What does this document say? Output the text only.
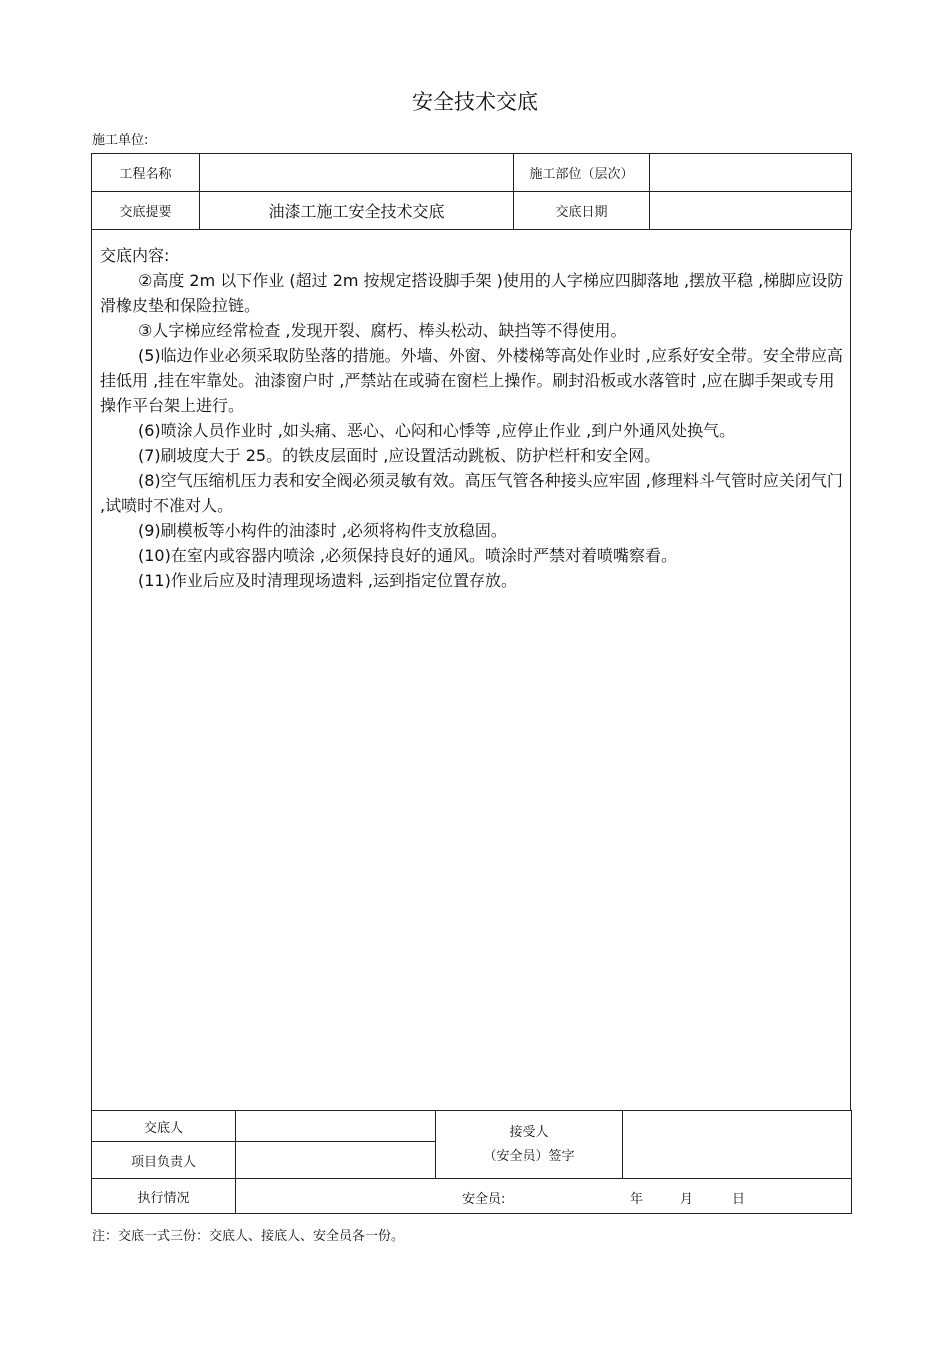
安全技术交底
施工单位:
工程名称		施工部位（层次）	
交底提要	油漆工施工安全技术交底	交底日期	
交底内容:

②高度 2m 以下作业 (超过 2m 按规定搭设脚手架 )使用的人字梯应四脚落地 ,摆放平稳 ,梯脚应设防滑橡皮垫和保险拉链。

③人字梯应经常检查 ,发现开裂、腐朽、棒头松动、缺挡等不得使用。

(5)临边作业必须采取防坠落的措施。外墙、外窗、外楼梯等高处作业时 ,应系好安全带。安全带应高挂低用 ,挂在牢靠处。油漆窗户时 ,严禁站在或骑在窗栏上操作。刷封沿板或水落管时 ,应在脚手架或专用操作平台架上进行。

(6)喷涂人员作业时 ,如头痛、恶心、心闷和心悸等 ,应停止作业 ,到户外通风处换气。

(7)刷坡度大于 25。的铁皮层面时 ,应设置活动跳板、防护栏杆和安全网。

(8)空气压缩机压力表和安全阀必须灵敏有效。高压气管各种接头应牢固 ,修理料斗气管时应关闭气门 ,试喷时不准对人。

(9)刷模板等小构件的油漆时 ,必须将构件支放稳固。

(10)在室内或容器内喷涂 ,必须保持良好的通风。喷涂时严禁对着喷嘴察看。

(11)作业后应及时清理现场遗料 ,运到指定位置存放。

交底人		接受人
（安全员）签字	

项目负责人			
执行情况	安全员: 年 月 日		
注：交底一式三份：交底人、接底人、安全员各一份。
